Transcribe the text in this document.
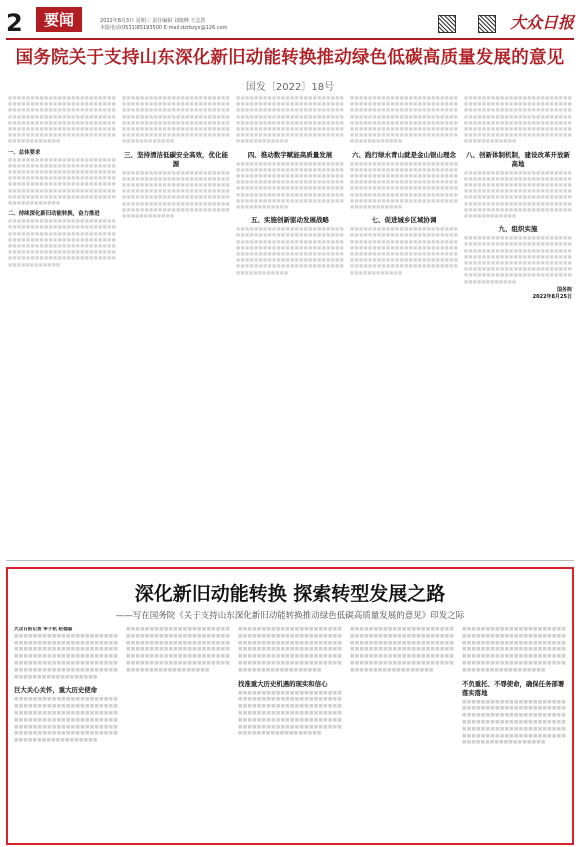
2	要闻	2022年8月3日 星期三 责任编辑 刘俊峰 王志浩
本版电话(0531)85193500 E-mail:dzrbzyx@126.com	大众日报
国务院关于支持山东深化新旧动能转换推动绿色低碳高质量发展的意见
国发〔2022〕18号
■■■■■■■■■■■■■■■■■■■■■■■■■■■■■■■■■■■■■■■■■■■■■■■■■■■■■■■■■■■■■■■■■■■■■■■■■■■■■■■■■■■■■■■■■■■■■■■■■■■■■■■■■■■■■■■■■■■■■■■■■■■■■■■■■■■■■■■■■■■■■■■■■■■■■■■■■■■■■■■■■■■■■■■■■■■■■■■■■■■■
一、总体要求
■■■■■■■■■■■■■■■■■■■■■■■■■■■■■■■■■■■■■■■■■■■■■■■■■■■■■■■■■■■■■■■■■■■■■■■■■■■■■■■■■■■■■■■■■■■■■■■■■■■■■■■■■■■■■■■■■■■■■■■■■■■■■■■■■■■■■■■■■■■■■■■■■■■■■■■■■■■■■■■■■■■■■■■■■■■■■■■■■■■■
二、持续深化新旧动能转换，奋力推进
■■■■■■■■■■■■■■■■■■■■■■■■■■■■■■■■■■■■■■■■■■■■■■■■■■■■■■■■■■■■■■■■■■■■■■■■■■■■■■■■■■■■■■■■■■■■■■■■■■■■■■■■■■■■■■■■■■■■■■■■■■■■■■■■■■■■■■■■■■■■■■■■■■■■■■■■■■■■■■■■■■■■■■■■■■■■■■■■■■■■
■■■■■■■■■■■■■■■■■■■■■■■■■■■■■■■■■■■■■■■■■■■■■■■■■■■■■■■■■■■■■■■■■■■■■■■■■■■■■■■■■■■■■■■■■■■■■■■■■■■■■■■■■■■■■■■■■■■■■■■■■■■■■■■■■■■■■■■■■■■■■■■■■■■■■■■■■■■■■■■■■■■■■■■■■■■■■■■■■■■■
三、坚持清洁低碳安全高效，优化能源
■■■■■■■■■■■■■■■■■■■■■■■■■■■■■■■■■■■■■■■■■■■■■■■■■■■■■■■■■■■■■■■■■■■■■■■■■■■■■■■■■■■■■■■■■■■■■■■■■■■■■■■■■■■■■■■■■■■■■■■■■■■■■■■■■■■■■■■■■■■■■■■■■■■■■■■■■■■■■■■■■■■■■■■■■■■■■■■■■■■■
■■■■■■■■■■■■■■■■■■■■■■■■■■■■■■■■■■■■■■■■■■■■■■■■■■■■■■■■■■■■■■■■■■■■■■■■■■■■■■■■■■■■■■■■■■■■■■■■■■■■■■■■■■■■■■■■■■■■■■■■■■■■■■■■■■■■■■■■■■■■■■■■■■■■■■■■■■■■■■■■■■■■■■■■■■■■■■■■■■■■
四、推动数字赋能高质量发展
■■■■■■■■■■■■■■■■■■■■■■■■■■■■■■■■■■■■■■■■■■■■■■■■■■■■■■■■■■■■■■■■■■■■■■■■■■■■■■■■■■■■■■■■■■■■■■■■■■■■■■■■■■■■■■■■■■■■■■■■■■■■■■■■■■■■■■■■■■■■■■■■■■■■■■■■■■■■■■■■■■■■■■■■■■■■■■■■■■■■
五、实施创新驱动发展战略
■■■■■■■■■■■■■■■■■■■■■■■■■■■■■■■■■■■■■■■■■■■■■■■■■■■■■■■■■■■■■■■■■■■■■■■■■■■■■■■■■■■■■■■■■■■■■■■■■■■■■■■■■■■■■■■■■■■■■■■■■■■■■■■■■■■■■■■■■■■■■■■■■■■■■■■■■■■■■■■■■■■■■■■■■■■■■■■■■■■■
■■■■■■■■■■■■■■■■■■■■■■■■■■■■■■■■■■■■■■■■■■■■■■■■■■■■■■■■■■■■■■■■■■■■■■■■■■■■■■■■■■■■■■■■■■■■■■■■■■■■■■■■■■■■■■■■■■■■■■■■■■■■■■■■■■■■■■■■■■■■■■■■■■■■■■■■■■■■■■■■■■■■■■■■■■■■■■■■■■■■
六、践行绿水青山就是金山银山理念
■■■■■■■■■■■■■■■■■■■■■■■■■■■■■■■■■■■■■■■■■■■■■■■■■■■■■■■■■■■■■■■■■■■■■■■■■■■■■■■■■■■■■■■■■■■■■■■■■■■■■■■■■■■■■■■■■■■■■■■■■■■■■■■■■■■■■■■■■■■■■■■■■■■■■■■■■■■■■■■■■■■■■■■■■■■■■■■■■■■■
七、促进城乡区域协调
■■■■■■■■■■■■■■■■■■■■■■■■■■■■■■■■■■■■■■■■■■■■■■■■■■■■■■■■■■■■■■■■■■■■■■■■■■■■■■■■■■■■■■■■■■■■■■■■■■■■■■■■■■■■■■■■■■■■■■■■■■■■■■■■■■■■■■■■■■■■■■■■■■■■■■■■■■■■■■■■■■■■■■■■■■■■■■■■■■■■
■■■■■■■■■■■■■■■■■■■■■■■■■■■■■■■■■■■■■■■■■■■■■■■■■■■■■■■■■■■■■■■■■■■■■■■■■■■■■■■■■■■■■■■■■■■■■■■■■■■■■■■■■■■■■■■■■■■■■■■■■■■■■■■■■■■■■■■■■■■■■■■■■■■■■■■■■■■■■■■■■■■■■■■■■■■■■■■■■■■■
八、创新体制机制，建设改革开放新高地
■■■■■■■■■■■■■■■■■■■■■■■■■■■■■■■■■■■■■■■■■■■■■■■■■■■■■■■■■■■■■■■■■■■■■■■■■■■■■■■■■■■■■■■■■■■■■■■■■■■■■■■■■■■■■■■■■■■■■■■■■■■■■■■■■■■■■■■■■■■■■■■■■■■■■■■■■■■■■■■■■■■■■■■■■■■■■■■■■■■■
九、组织实施
■■■■■■■■■■■■■■■■■■■■■■■■■■■■■■■■■■■■■■■■■■■■■■■■■■■■■■■■■■■■■■■■■■■■■■■■■■■■■■■■■■■■■■■■■■■■■■■■■■■■■■■■■■■■■■■■■■■■■■■■■■■■■■■■■■■■■■■■■■■■■■■■■■■■■■■■■■■■■■■■■■■■■■■■■■■■■■■■■■■■
国务院
2022年8月25日
深化新旧动能转换 探索转型发展之路
——写在国务院《关于支持山东深化新旧动能转换推动绿色低碳高质量发展的意见》印发之际
大众日报记者 李子杭 赵德磊
■■■■■■■■■■■■■■■■■■■■■■■■■■■■■■■■■■■■■■■■■■■■■■■■■■■■■■■■■■■■■■■■■■■■■■■■■■■■■■■■■■■■■■■■■■■■■■■■■■■■■■■■■■■■■■■■■■■■■■■■■■■■■■■■■■■■■■■■■■■■■■■■■■■■■■
巨大关心关怀，重大历史使命
■■■■■■■■■■■■■■■■■■■■■■■■■■■■■■■■■■■■■■■■■■■■■■■■■■■■■■■■■■■■■■■■■■■■■■■■■■■■■■■■■■■■■■■■■■■■■■■■■■■■■■■■■■■■■■■■■■■■■■■■■■■■■■■■■■■■■■■■■■■■■■■■■■■■■■
■■■■■■■■■■■■■■■■■■■■■■■■■■■■■■■■■■■■■■■■■■■■■■■■■■■■■■■■■■■■■■■■■■■■■■■■■■■■■■■■■■■■■■■■■■■■■■■■■■■■■■■■■■■■■■■■■■■■■■■■■■■■■■■■■■■■■■■■■■■■■■■■■■■■■■
■■■■■■■■■■■■■■■■■■■■■■■■■■■■■■■■■■■■■■■■■■■■■■■■■■■■■■■■■■■■■■■■■■■■■■■■■■■■■■■■■■■■■■■■■■■■■■■■■■■■■■■■■■■■■■■■■■■■■■■■■■■■■■■■■■■■■■■■■■■■■■■■■■■■■■
找准重大历史机遇的现实和信心
■■■■■■■■■■■■■■■■■■■■■■■■■■■■■■■■■■■■■■■■■■■■■■■■■■■■■■■■■■■■■■■■■■■■■■■■■■■■■■■■■■■■■■■■■■■■■■■■■■■■■■■■■■■■■■■■■■■■■■■■■■■■■■■■■■■■■■■■■■■■■■■■■■■■■■
■■■■■■■■■■■■■■■■■■■■■■■■■■■■■■■■■■■■■■■■■■■■■■■■■■■■■■■■■■■■■■■■■■■■■■■■■■■■■■■■■■■■■■■■■■■■■■■■■■■■■■■■■■■■■■■■■■■■■■■■■■■■■■■■■■■■■■■■■■■■■■■■■■■■■■
■■■■■■■■■■■■■■■■■■■■■■■■■■■■■■■■■■■■■■■■■■■■■■■■■■■■■■■■■■■■■■■■■■■■■■■■■■■■■■■■■■■■■■■■■■■■■■■■■■■■■■■■■■■■■■■■■■■■■■■■■■■■■■■■■■■■■■■■■■■■■■■■■■■■■■
不负重托、不辱使命，确保任务部署落实落地
■■■■■■■■■■■■■■■■■■■■■■■■■■■■■■■■■■■■■■■■■■■■■■■■■■■■■■■■■■■■■■■■■■■■■■■■■■■■■■■■■■■■■■■■■■■■■■■■■■■■■■■■■■■■■■■■■■■■■■■■■■■■■■■■■■■■■■■■■■■■■■■■■■■■■■
